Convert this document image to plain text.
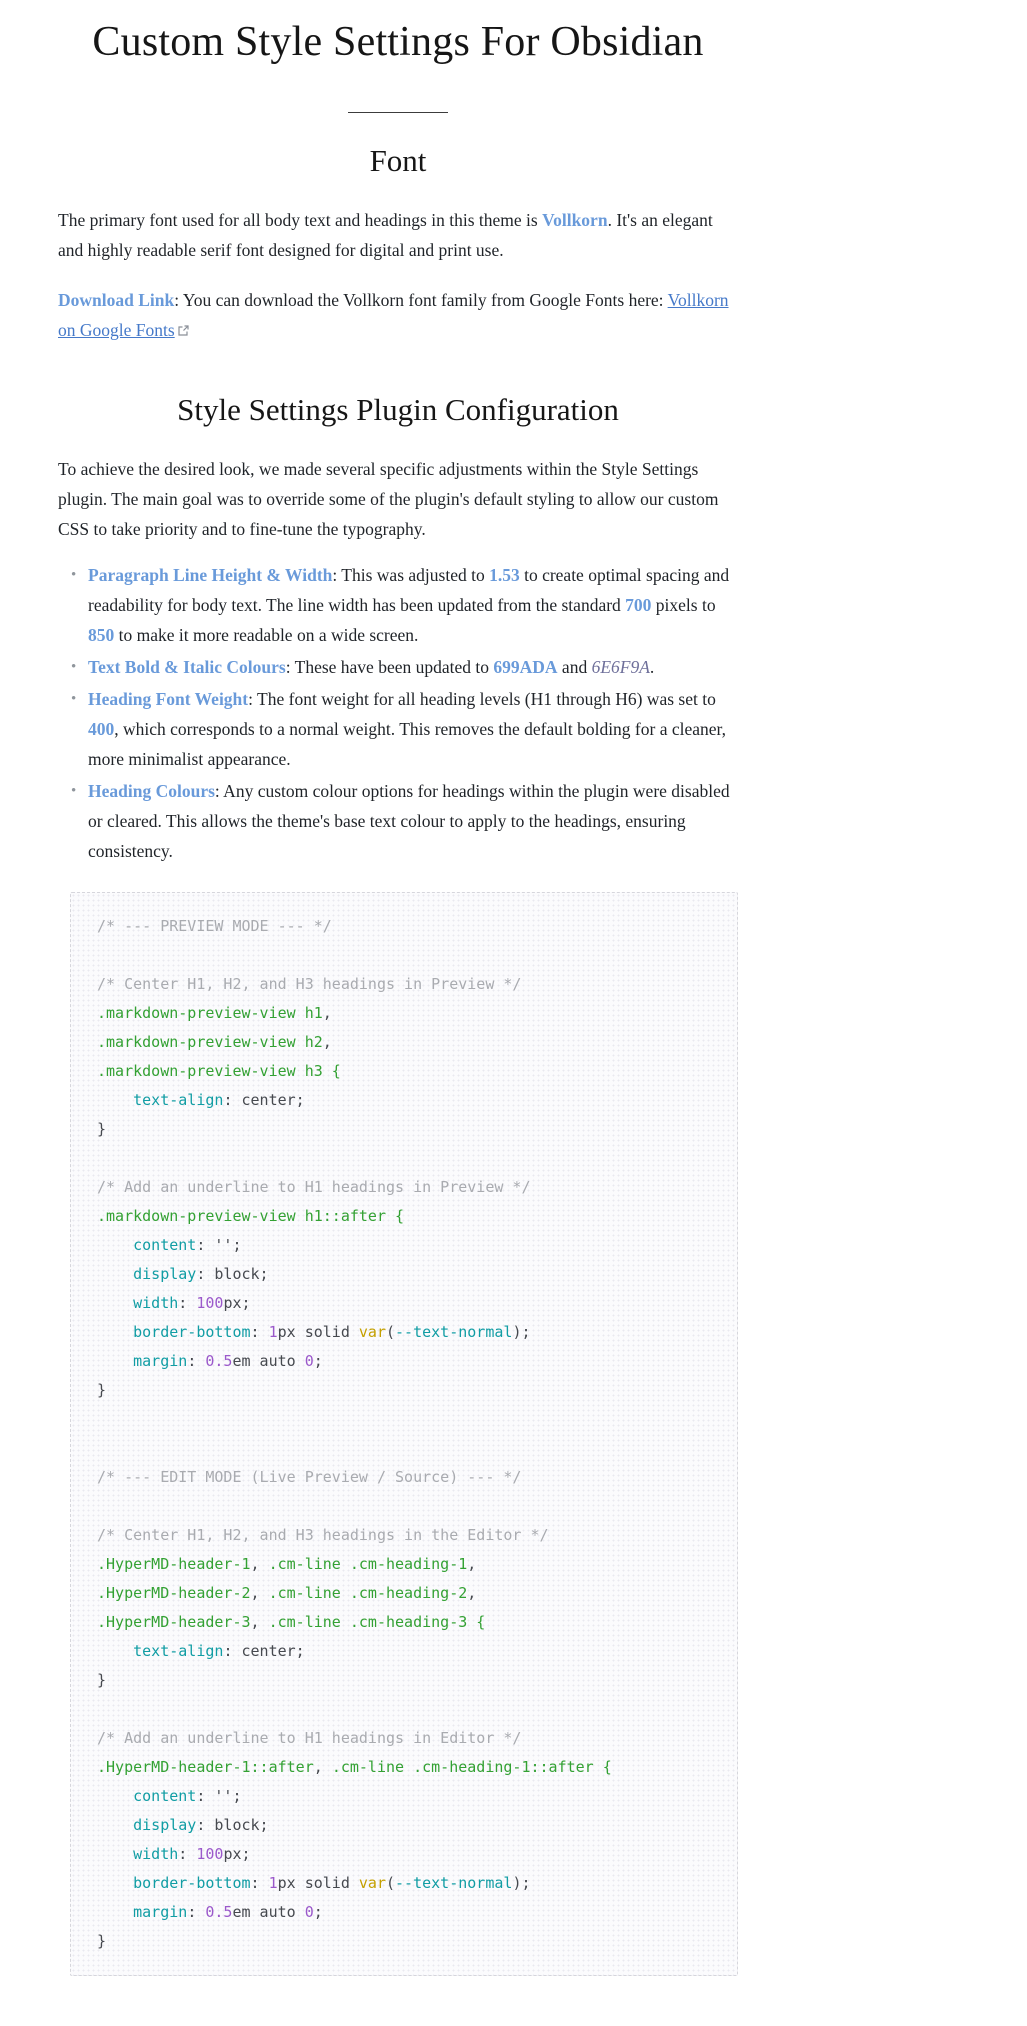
Custom Style Settings For Obsidian
Font

The primary font used for all body text and headings in this theme is Vollkorn. It's an elegant and highly readable serif font designed for digital and print use.

Download Link: You can download the Vollkorn font family from Google Fonts here: Vollkorn on Google Fonts

Style Settings Plugin Configuration

To achieve the desired look, we made several specific adjustments within the Style Settings plugin. The main goal was to override some of the plugin's default styling to allow our custom CSS to take priority and to fine-tune the typography.

• Paragraph Line Height & Width: This was adjusted to 1.53 to create optimal spacing and readability for body text. The line width has been updated from the standard 700 pixels to 850 to make it more readable on a wide screen.
• Text Bold & Italic Colours: These have been updated to 699ADA and 6E6F9A.
• Heading Font Weight: The font weight for all heading levels (H1 through H6) was set to 400, which corresponds to a normal weight. This removes the default bolding for a cleaner, more minimalist appearance.
• Heading Colours: Any custom colour options for headings within the plugin were disabled or cleared. This allows the theme's base text colour to apply to the headings, ensuring consistency.
/* --- PREVIEW MODE --- */

/* Center H1, H2, and H3 headings in Preview */
.markdown-preview-view h1,
.markdown-preview-view h2,
.markdown-preview-view h3 {
text-align: center;
}

/* Add an underline to H1 headings in Preview */
.markdown-preview-view h1::after {
content: '';
display: block;
width: 100px;
border-bottom: 1px solid var(--text-normal);
margin: 0.5em auto 0;
}

/* --- EDIT MODE (Live Preview / Source) --- */

/* Center H1, H2, and H3 headings in the Editor */
.HyperMD-header-1, .cm-line .cm-heading-1,
.HyperMD-header-2, .cm-line .cm-heading-2,
.HyperMD-header-3, .cm-line .cm-heading-3 {
text-align: center;
}

/* Add an underline to H1 headings in Editor */
.HyperMD-header-1::after, .cm-line .cm-heading-1::after {
content: '';
display: block;
width: 100px;
border-bottom: 1px solid var(--text-normal);
margin: 0.5em auto 0;
}
